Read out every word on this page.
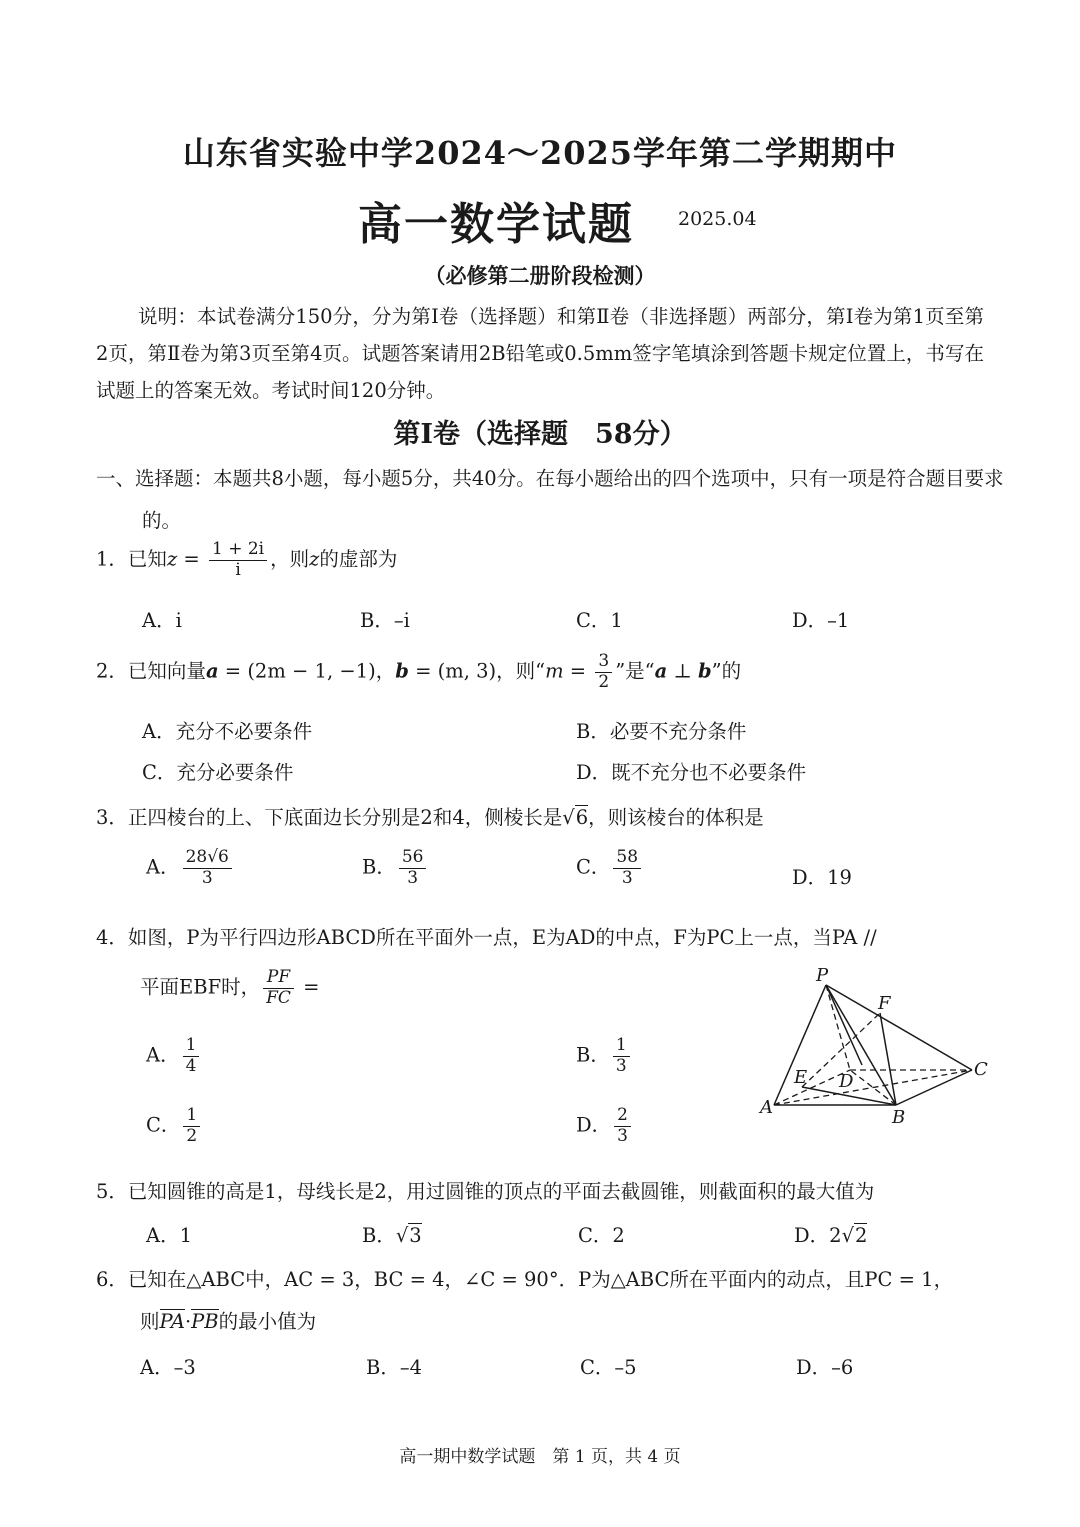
山东省实验中学2024～2025学年第二学期期中
高一数学试题 2025.04
（必修第二册阶段检测）
说明：本试卷满分150分，分为第Ⅰ卷（选择题）和第Ⅱ卷（非选择题）两部分，第Ⅰ卷为第1页至第2页，第Ⅱ卷为第3页至第4页。试题答案请用2B铅笔或0.5mm签字笔填涂到答题卡规定位置上，书写在试题上的答案无效。考试时间120分钟。
第Ⅰ卷（选择题　58分）
一、选择题：本题共8小题，每小题5分，共40分。在每小题给出的四个选项中，只有一项是符合题目要求的。
1．已知$z = \frac{1 + 2i}{i}$ ，则z的虚部为
A．i	B．–i	C．1	D．–1
2．已知向量a = (2m − 1, −1)，b = (m, 3)，则“$m = \frac{3}{2}$ ”是“a ⊥ b”的
A．充分不必要条件	B．必要不充分条件
C．充分必要条件	D．既不充分也不必要条件
3．正四棱台的上、下底面边长分别是2和4，侧棱长是√6，则该棱台的体积是
A． $\frac{28√6}{3}$	B． $\frac{56}{3}$	C． $\frac{58}{3}$	D．19
4．如图，P为平行四边形ABCD所在平面外一点，E为AD的中点，F为PC上一点，当PA //
平面EBF时， $\frac{PF}{FC}$ =
A． $\frac{1}{4}$	B． $\frac{1}{3}$
C． $\frac{1}{2}$	D． $\frac{2}{3}$
P
F
C
E D
A	B
5．已知圆锥的高是1，母线长是2，用过圆锥的顶点的平面去截圆锥，则截面积的最大值为
A．1	B．√3	C．2	D．2√2
6．已知在△ABC中，AC = 3，BC = 4，∠C = 90°．P为△ABC所在平面内的动点，且PC = 1，
则PA·PB的最小值为
A．–3	B．–4	C．–5	D．–6
高一期中数学试题　第 1 页，共 4 页
